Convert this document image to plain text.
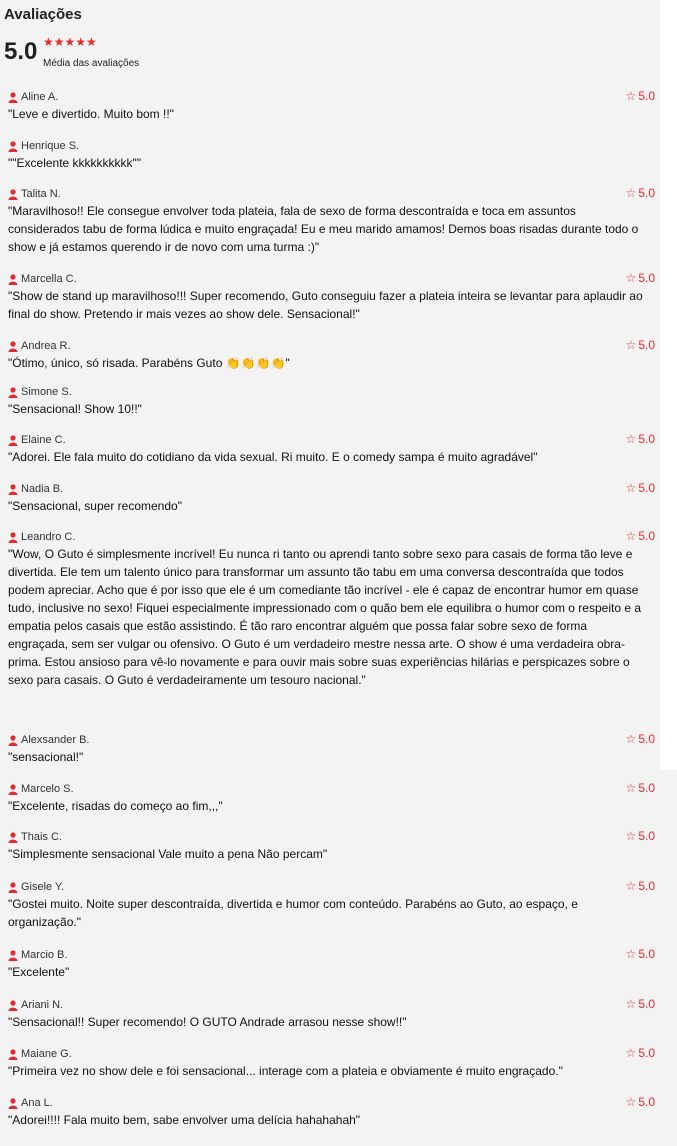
Avaliações
5.0 ★★★★★
Média das avaliações
Aline A.	☆ 5.0
"Leve e divertido. Muito bom !!"
Henrique S.
""Excelente kkkkkkkkkk""
Talita N.	☆ 5.0
"Maravilhoso!! Ele consegue envolver toda plateia, fala de sexo de forma descontraída e toca em assuntos considerados tabu de forma lúdica e muito engraçada! Eu e meu marido amamos! Demos boas risadas durante todo o show e já estamos querendo ir de novo com uma turma :)"
Marcella C.	☆ 5.0
"Show de stand up maravilhoso!!! Super recomendo, Guto conseguiu fazer a plateia inteira se levantar para aplaudir ao final do show. Pretendo ir mais vezes ao show dele. Sensacional!"
Andrea R.	☆ 5.0
"Ótimo, único, só risada. Parabéns Guto 👏👏👏👏"
Simone S.
"Sensacional! Show 10!!"
Elaine C.	☆ 5.0
"Adorei. Ele fala muito do cotidiano da vida sexual. Ri muito. E o comedy sampa é muito agradável"
Nadia B.	☆ 5.0
"Sensacional, super recomendo"
Leandro C.	☆ 5.0
"Wow, O Guto é simplesmente incrível! Eu nunca ri tanto ou aprendi tanto sobre sexo para casais de forma tão leve e divertida. Ele tem um talento único para transformar um assunto tão tabu em uma conversa descontraída que todos podem apreciar. Acho que é por isso que ele é um comediante tão incrível - ele é capaz de encontrar humor em quase tudo, inclusive no sexo! Fiquei especialmente impressionado com o quão bem ele equilibra o humor com o respeito e a empatia pelos casais que estão assistindo. É tão raro encontrar alguém que possa falar sobre sexo de forma engraçada, sem ser vulgar ou ofensivo. O Guto é um verdadeiro mestre nessa arte. O show é uma verdadeira obra-prima. Estou ansioso para vê-lo novamente e para ouvir mais sobre suas experiências hilárias e perspicazes sobre o sexo para casais. O Guto é verdadeiramente um tesouro nacional."
Alexsander B.	☆ 5.0
"sensacional!"
Marcelo S.	☆ 5.0
"Excelente, risadas do começo ao fim,,,"
Thais C.	☆ 5.0
"Simplesmente sensacional Vale muito a pena Não percam"
Gisele Y.	☆ 5.0
"Gostei muito. Noite super descontraída, divertida e humor com conteúdo. Parabéns ao Guto, ao espaço, e organização."
Marcio B.	☆ 5.0
"Excelente"
Ariani N.	☆ 5.0
"Sensacional!! Super recomendo! O GUTO Andrade arrasou nesse show!!"
Maiane G.	☆ 5.0
"Primeira vez no show dele e foi sensacional... interage com a plateia e obviamente é muito engraçado."
Ana L.	☆ 5.0
"Adorei!!!! Fala muito bem, sabe envolver uma delícia hahahahah"
